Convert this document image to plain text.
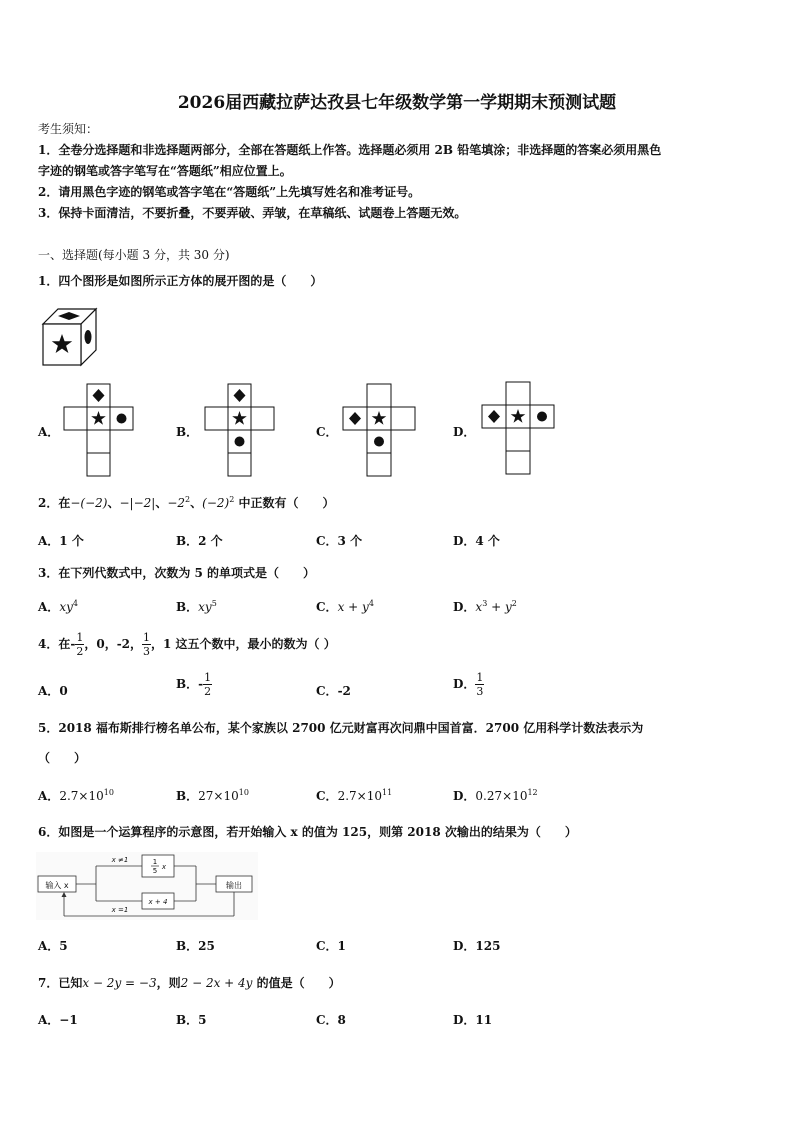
2026届西藏拉萨达孜县七年级数学第一学期期末预测试题
考生须知：
1．全卷分选择题和非选择题两部分，全部在答题纸上作答。选择题必须用 2B 铅笔填涂；非选择题的答案必须用黑色
字迹的钢笔或答字笔写在“答题纸”相应位置上。
2．请用黑色字迹的钢笔或答字笔在“答题纸”上先填写姓名和准考证号。
3．保持卡面清洁，不要折叠，不要弄破、弄皱，在草稿纸、试题卷上答题无效。
一、选择题(每小题 3 分，共 30 分)
1．四个图形是如图所示正方体的展开图的是（　　）
A．	B．	C．	D．
2．在−(−2)、−|−2|、$-2^2$、$(-2)^2$ 中正数有（　　）
A．1 个	B．2 个	C．3 个	D．4 个
3．在下列代数式中，次数为 5 的单项式是（　　）
A．$xy^4$	B．$xy^5$	C．$x + y^4$	D．$x^3 + y^2$
4．在- $\frac{1}{2}$ ，0，-2， $\frac{1}{3}$ ，1 这五个数中，最小的数为（ ）
A．0	B．- $\frac{1}{2}$	C．-2	D． $\frac{1}{3}$
5．2018 福布斯排行榜名单公布，某个家族以 2700 亿元财富再次问鼎中国首富．2700 亿用科学计数法表示为
（　　）
A．$2.7\times 10^{10}$	B．$27\times 10^{10}$	C．$2.7\times 10^{11}$	D．$0.27\times 10^{12}$
6．如图是一个运算程序的示意图，若开始输入 x 的值为 125，则第 2018 次输出的结果为（　　）
输入 x	输出
x ≠1
x =1
1
5 x
x + 4
A．5	B．25	C．1	D．125
7．已知x − 2y = −3，则2 − 2x + 4y 的值是（　　）
A．−1	B．5	C．8	D．11
